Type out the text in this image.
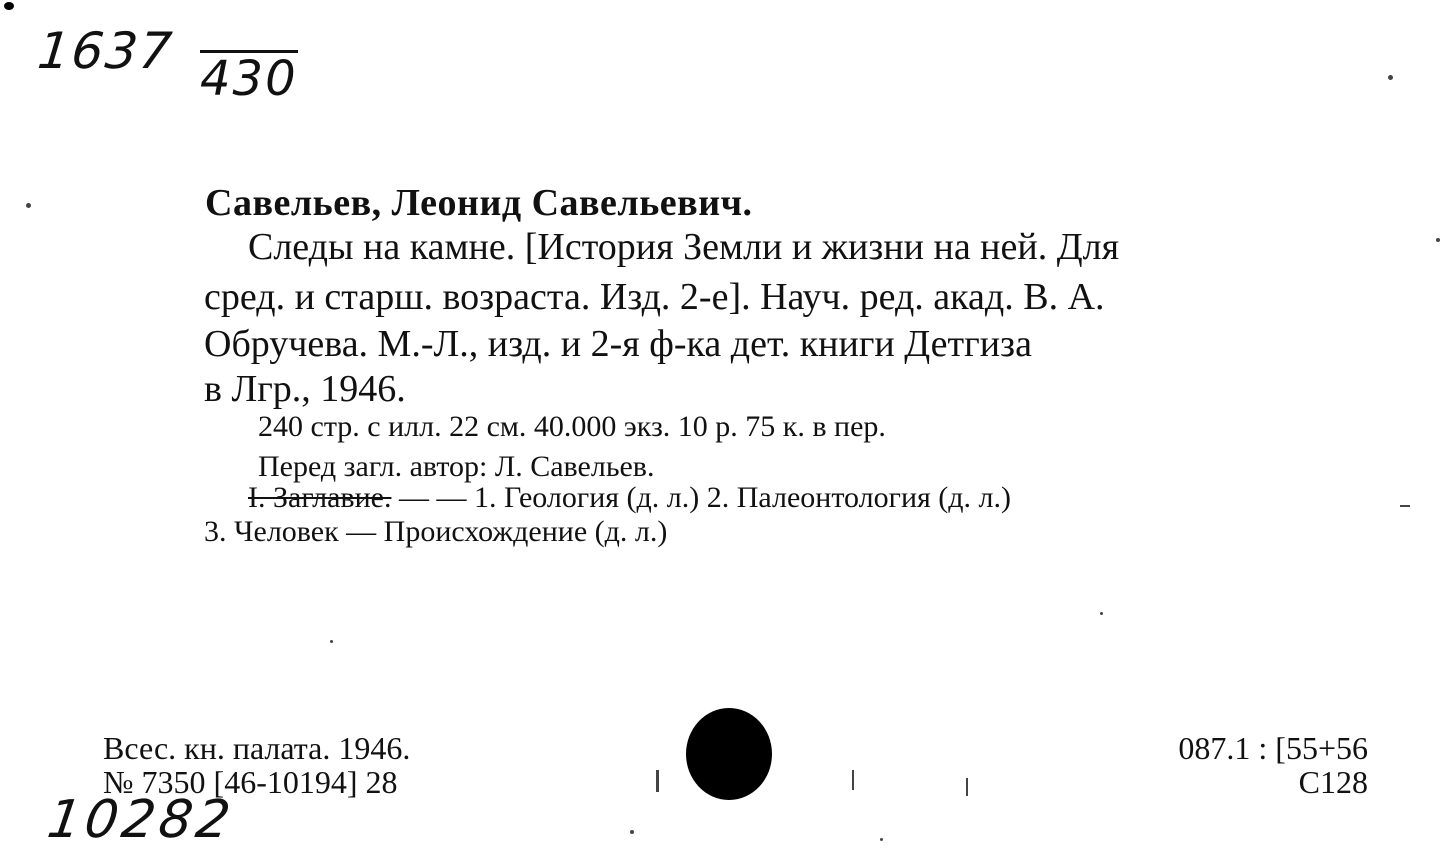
1637 430
Савельев, Леонид Савельевич.
Следы на камне. [История Земли и жизни на ней. Для
сред. и старш. возраста. Изд. 2-е]. Науч. ред. акад. В. А.
Обручева. М.-Л., изд. и 2-я ф-ка дет. книги Детгиза
в Лгр., 1946.
240 стр. с илл. 22 см. 40.000 экз. 10 р. 75 к. в пер.
Перед загл. автор: Л. Савельев.
I. Заглавие. — — 1. Геология (д. л.) 2. Палеонтология (д. л.)
3. Человек — Происхождение (д. л.)
Всес. кн. палата. 1946.
№ 7350 [46-10194] 28
087.1 : [55+56
С128
10282
